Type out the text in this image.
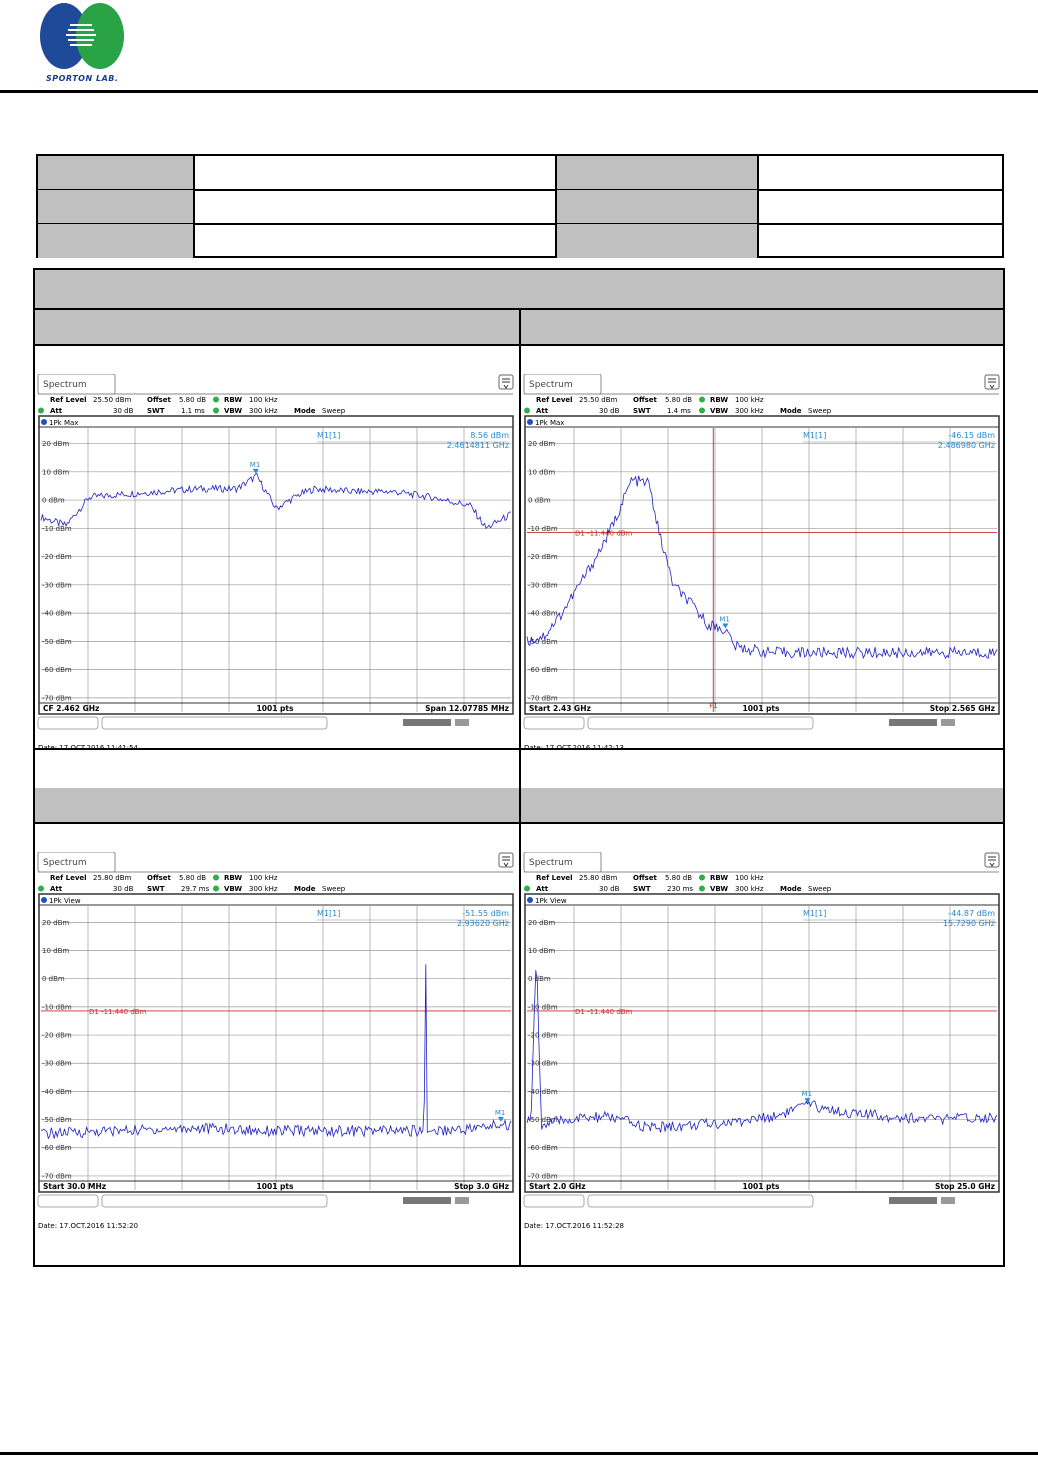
SPORTON LAB.
Spectrum
Ref Level 25.50 dBm Offset 5.80 dB	RBW 100 kHz
Att	30 dB SWT 1.1 ms	VBW 300 kHz Mode Sweep
1Pk Max
20 dBm
10 dBm
0 dBm
-10 dBm
-20 dBm
-30 dBm
-40 dBm
-50 dBm
-60 dBm
-70 dBm
M1
M1[1]	8.56 dBm
2.4614811 GHz
CF 2.462 GHz	1001 pts	Span 12.07785 MHz
Date: 17.OCT.2016 11:41:54
Spectrum
Ref Level 25.50 dBm Offset 5.80 dB	RBW 100 kHz
Att	30 dB SWT 1.4 ms	VBW 300 kHz Mode Sweep
1Pk Max
20 dBm
10 dBm
0 dBm
-10 dBm
-20 dBm
-30 dBm
-40 dBm
-50 dBm
-60 dBm
-70 dBm
D1 -11.440 dBm
F1
M1
M1[1]	-46.15 dBm
2.486980 GHz
Start 2.43 GHz	1001 pts	Stop 2.565 GHz
Date: 17.OCT.2016 11:42:13
Spectrum
Ref Level 25.80 dBm Offset 5.80 dB	RBW 100 kHz
Att	30 dB SWT 29.7 ms VBW 300 kHz Mode Sweep
1Pk View
20 dBm
10 dBm
0 dBm
-10 dBm
-20 dBm
-30 dBm
-40 dBm
-50 dBm
-60 dBm
-70 dBm
D1 -11.440 dBm
M1
M1[1]	-51.55 dBm
2.93620 GHz
Start 30.0 MHz	1001 pts	Stop 3.0 GHz
Date: 17.OCT.2016 11:52:20
Spectrum
Ref Level 25.80 dBm Offset 5.80 dB	RBW 100 kHz
Att	30 dB SWT 230 ms VBW 300 kHz Mode Sweep
1Pk View
20 dBm
10 dBm
0 dBm
-10 dBm
-20 dBm
-30 dBm
-40 dBm
-50 dBm
-60 dBm
-70 dBm
D1 -11.440 dBm
M1
M1[1]	-44.87 dBm
15.7290 GHz
Start 2.0 GHz	1001 pts	Stop 25.0 GHz
Date: 17.OCT.2016 11:52:28
